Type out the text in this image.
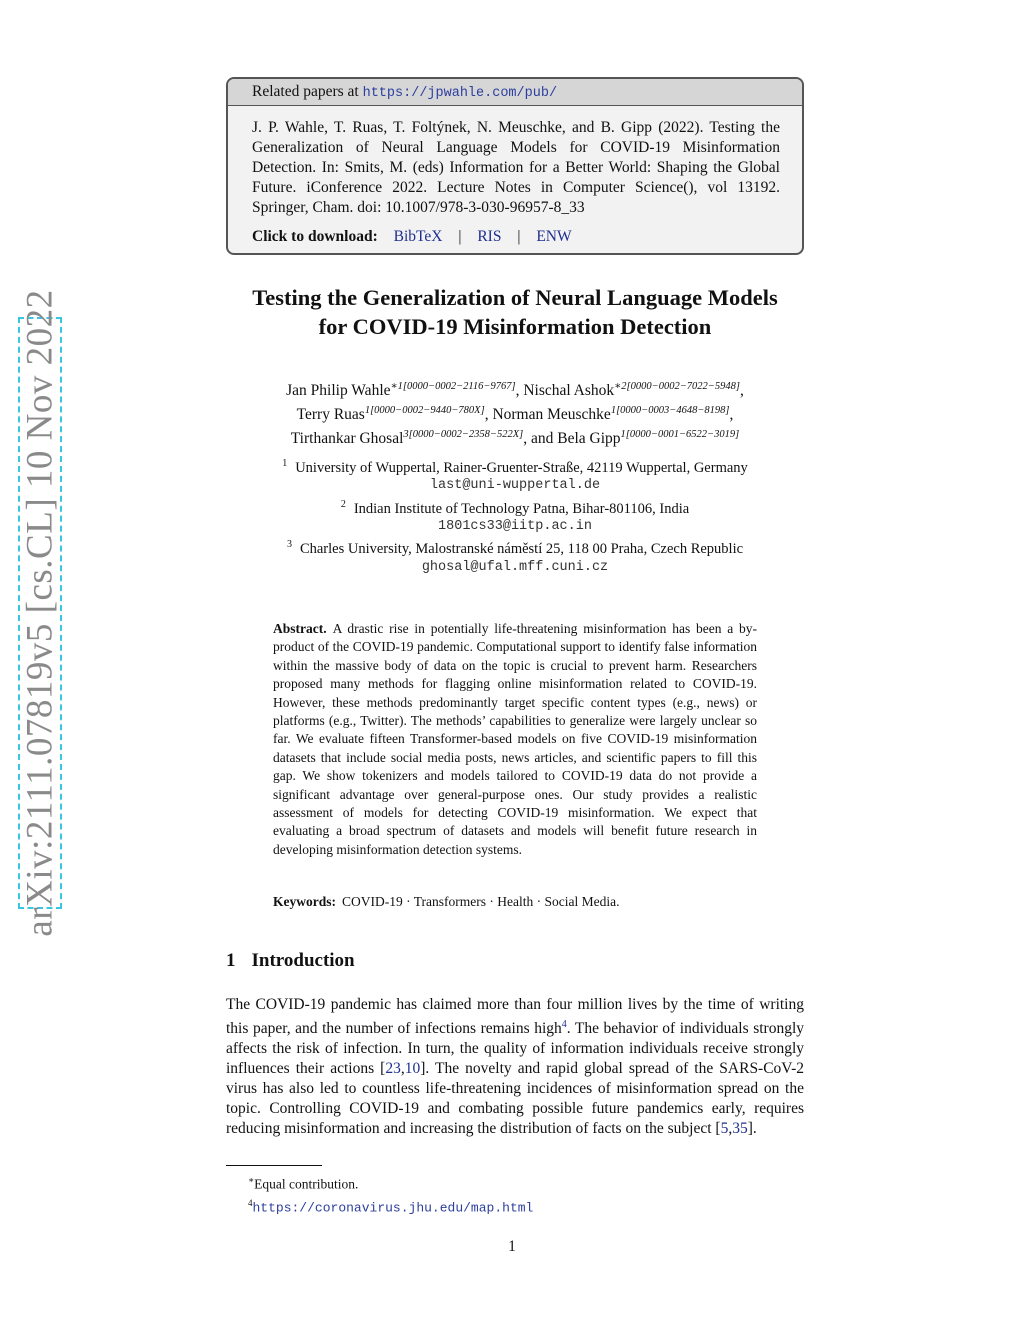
arXiv:2111.07819v5 [cs.CL] 10 Nov 2022
Related papers at https://jpwahle.com/pub/
J. P. Wahle, T. Ruas, T. Foltýnek, N. Meuschke, and B. Gipp (2022). Testing the Generalization of Neural Language Models for COVID-19 Misinformation Detection. In: Smits, M. (eds) Information for a Better World: Shaping the Global Future. iConference 2022. Lecture Notes in Computer Science(), vol 13192. Springer, Cham. doi: 10.1007/978-3-030-96957-8_33
Click to download: BibTeX | RIS | ENW
Testing the Generalization of Neural Language Models
for COVID-19 Misinformation Detection
Jan Philip Wahle$^{∗1[0000-0002-2116-9767]}$, Nischal Ashok$^{∗2[0000-0002-7022-5948]}$,
Terry Ruas$^{1[0000-0002-9440-780X]}$, Norman Meuschke$^{1[0000-0003-4648-8198]}$,
Tirthankar Ghosal$^{3[0000-0002-2358-522X]}$, and Bela Gipp$^{1[0000-0001-6522-3019]}$
$^1$ University of Wuppertal, Rainer-Gruenter-Straße, 42119 Wuppertal, Germany
last@uni-wuppertal.de
$^2$ Indian Institute of Technology Patna, Bihar-801106, India
1801cs33@iitp.ac.in
$^3$ Charles University, Malostranské náměstí 25, 118 00 Praha, Czech Republic
ghosal@ufal.mff.cuni.cz
Abstract. A drastic rise in potentially life-threatening misinformation has been a by-product of the COVID-19 pandemic. Computational support to identify false information within the massive body of data on the topic is crucial to prevent harm. Researchers proposed many methods for flagging online misinformation related to COVID-19. However, these methods predominantly target specific content types (e.g., news) or platforms (e.g., Twitter). The methods’ capabilities to generalize were largely unclear so far. We evaluate fifteen Transformer-based models on five COVID-19 misinformation datasets that include social media posts, news articles, and scientific papers to fill this gap. We show tokenizers and models tailored to COVID-19 data do not provide a significant advantage over general-purpose ones. Our study provides a realistic assessment of models for detecting COVID-19 misinformation. We expect that evaluating a broad spectrum of datasets and models will benefit future research in developing misinformation detection systems.
Keywords: COVID-19 · Transformers · Health · Social Media.
1 Introduction
The COVID-19 pandemic has claimed more than four million lives by the time of writing this paper, and the number of infections remains high$^4$. The behavior of individuals strongly affects the risk of infection. In turn, the quality of information individuals receive strongly influences their actions [23,10]. The novelty and rapid global spread of the SARS-CoV-2 virus has also led to countless life-threatening incidences of misinformation spread on the topic. Controlling COVID-19 and combating possible future pandemics early, requires reducing misinformation and increasing the distribution of facts on the subject [5,35].
∗Equal contribution.
$^4$https://coronavirus.jhu.edu/map.html
1
